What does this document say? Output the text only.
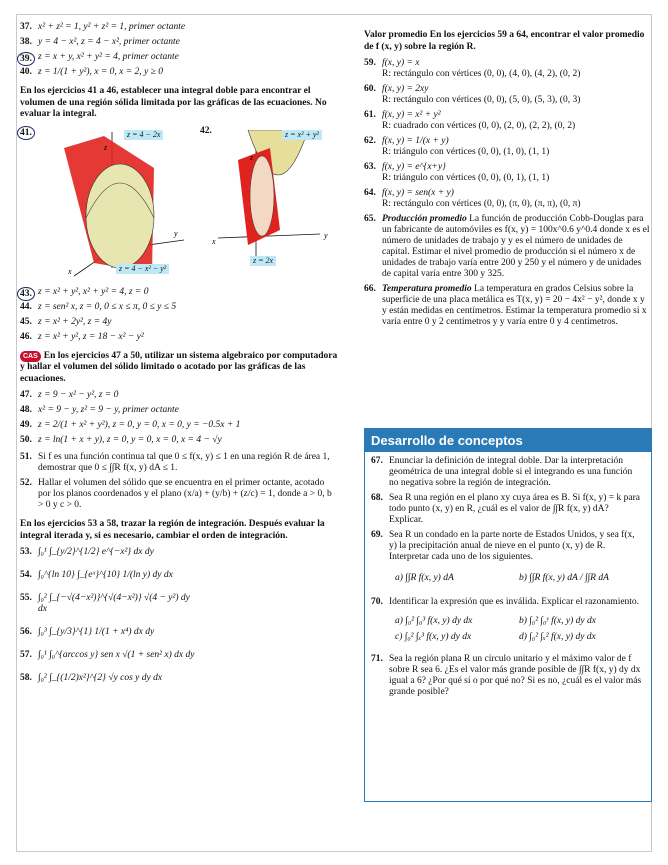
37. x² + z² = 1, y² + z² = 1, primer octante
38. y = 4 − x², z = 4 − x², primer octante
39. z = x + y, x² + y² = 4, primer octante
40. z = 1/(1 + y²), x = 0, x = 2, y ≥ 0
En los ejercicios 41 a 46, establecer una integral doble para encontrar el volumen de una región sólida limitada por las gráficas de las ecuaciones. No evaluar la integral.
41.
z
y
x
z = 4 − 2x
z = 4 − x² − y²
42.
z
y
x
z = x² + y²
z = 2x
43. z = x² + y², x² + y² = 4, z = 0
44. z = sen² x, z = 0, 0 ≤ x ≤ π, 0 ≤ y ≤ 5
45. z = x² + 2y², z = 4y
46. z = x² + y², z = 18 − x² − y²
CAS En los ejercicios 47 a 50, utilizar un sistema algebraico por computadora y hallar el volumen del sólido limitado o acotado por las gráficas de las ecuaciones.
47. z = 9 − x² − y², z = 0
48. x² = 9 − y, z² = 9 − y, primer octante
49. z = 2/(1 + x² + y²), z = 0, y = 0, x = 0, y = −0.5x + 1
50. z = ln(1 + x + y), z = 0, y = 0, x = 0, x = 4 − √y
51. Si f es una función continua tal que 0 ≤ f(x, y) ≤ 1 en una región R de área 1, demostrar que 0 ≤ ∫∫R f(x, y) dA ≤ 1.
52. Hallar el volumen del sólido que se encuentra en el primer octante, acotado por los planos coordenados y el plano (x/a) + (y/b) + (z/c) = 1, donde a > 0, b > 0 y c > 0.
En los ejercicios 53 a 58, trazar la región de integración. Después evaluar la integral iterada y, si es necesario, cambiar el orden de integración.
53. ∫₀¹ ∫_{y/2}^{1/2} e^{−x²} dx dy
54. ∫₀^{ln 10} ∫_{eˣ}^{10} 1/(ln y) dy dx
55. ∫₀² ∫_{−√(4−x²)}^{√(4−x²)} √(4 − y²) dy dx
56. ∫₀³ ∫_{y/3}^{1} 1/(1 + x⁴) dx dy
57. ∫₀¹ ∫₀^{arccos y} sen x √(1 + sen² x) dx dy
58. ∫₀² ∫_{(1/2)x²}^{2} √y cos y dy dx
Valor promedio En los ejercicios 59 a 64, encontrar el valor promedio de f (x, y) sobre la región R.
59. f(x, y) = x
R: rectángulo con vértices (0, 0), (4, 0), (4, 2), (0, 2)
60. f(x, y) = 2xy
R: rectángulo con vértices (0, 0), (5, 0), (5, 3), (0, 3)
61. f(x, y) = x² + y²
R: cuadrado con vértices (0, 0), (2, 0), (2, 2), (0, 2)
62. f(x, y) = 1/(x + y)
R: triángulo con vértices (0, 0), (1, 0), (1, 1)
63. f(x, y) = e^{x+y}
R: triángulo con vértices (0, 0), (0, 1), (1, 1)
64. f(x, y) = sen(x + y)
R: rectángulo con vértices (0, 0), (π, 0), (π, π), (0, π)
65. Producción promedio La función de producción Cobb-Douglas para un fabricante de automóviles es f(x, y) = 100x^0.6 y^0.4 donde x es el número de unidades de trabajo y y es el número de unidades de capital. Estimar el nivel promedio de producción si el número x de unidades de trabajo varía entre 200 y 250 y el número y de unidades de capital varía entre 300 y 325.
66. Temperatura promedio La temperatura en grados Celsius sobre la superficie de una placa metálica es T(x, y) = 20 − 4x² − y², donde x y y están medidas en centímetros. Estimar la temperatura promedio si x varía entre 0 y 2 centímetros y y varía entre 0 y 4 centímetros.
Desarrollo de conceptos
67. Enunciar la definición de integral doble. Dar la interpretación geométrica de una integral doble si el integrando es una función no negativa sobre la región de integración.
68. Sea R una región en el plano xy cuya área es B. Si f(x, y) = k para todo punto (x, y) en R, ¿cuál es el valor de ∫∫R f(x, y) dA? Explicar.
69. Sea R un condado en la parte norte de Estados Unidos, y sea f(x, y) la precipitación anual de nieve en el punto (x, y) de R. Interpretar cada uno de los siguientes.
a) ∫∫R f(x, y) dA	b) ∫∫R f(x, y) dA / ∫∫R dA
70. Identificar la expresión que es inválida. Explicar el razonamiento.
a) ∫₀² ∫₀³ f(x, y) dy dx	b) ∫₀² ∫₀ʸ f(x, y) dy dx
c) ∫₀² ∫ₓ³ f(x, y) dy dx	d) ∫₀² ∫ₓ² f(x, y) dy dx
71. Sea la región plana R un círculo unitario y el máximo valor de f sobre R sea 6. ¿Es el valor más grande posible de ∫∫R f(x, y) dy dx igual a 6? ¿Por qué sí o por qué no? Si es no, ¿cuál es el valor más grande posible?
